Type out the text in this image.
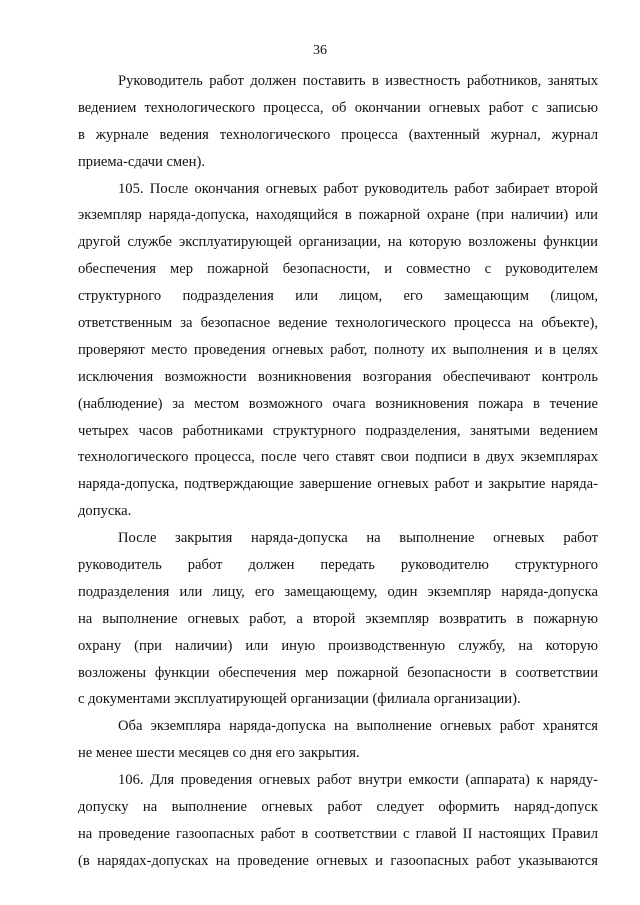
36
Руководитель работ должен поставить в известность работников, занятых
ведением технологического процесса, об окончании огневых работ с записью
в журнале ведения технологического процесса (вахтенный журнал, журнал
приема-сдачи смен).
105. После окончания огневых работ руководитель работ забирает второй
экземпляр наряда-допуска, находящийся в пожарной охране (при наличии) или
другой службе эксплуатирующей организации, на которую возложены функции
обеспечения мер пожарной безопасности, и совместно с руководителем
структурного подразделения или лицом, его замещающим (лицом,
ответственным за безопасное ведение технологического процесса на объекте),
проверяют место проведения огневых работ, полноту их выполнения и в целях
исключения возможности возникновения возгорания обеспечивают контроль
(наблюдение) за местом возможного очага возникновения пожара в течение
четырех часов работниками структурного подразделения, занятыми ведением
технологического процесса, после чего ставят свои подписи в двух экземплярах
наряда-допуска, подтверждающие завершение огневых работ и закрытие наряда-
допуска.
После закрытия наряда-допуска на выполнение огневых работ
руководитель работ должен передать руководителю структурного
подразделения или лицу, его замещающему, один экземпляр наряда-допуска
на выполнение огневых работ, а второй экземпляр возвратить в пожарную
охрану (при наличии) или иную производственную службу, на которую
возложены функции обеспечения мер пожарной безопасности в соответствии
с документами эксплуатирующей организации (филиала организации).
Оба экземпляра наряда-допуска на выполнение огневых работ хранятся
не менее шести месяцев со дня его закрытия.
106. Для проведения огневых работ внутри емкости (аппарата) к наряду-
допуску на выполнение огневых работ следует оформить наряд-допуск
на проведение газоопасных работ в соответствии с главой II настоящих Правил
(в нарядах-допусках на проведение огневых и газоопасных работ указываются
